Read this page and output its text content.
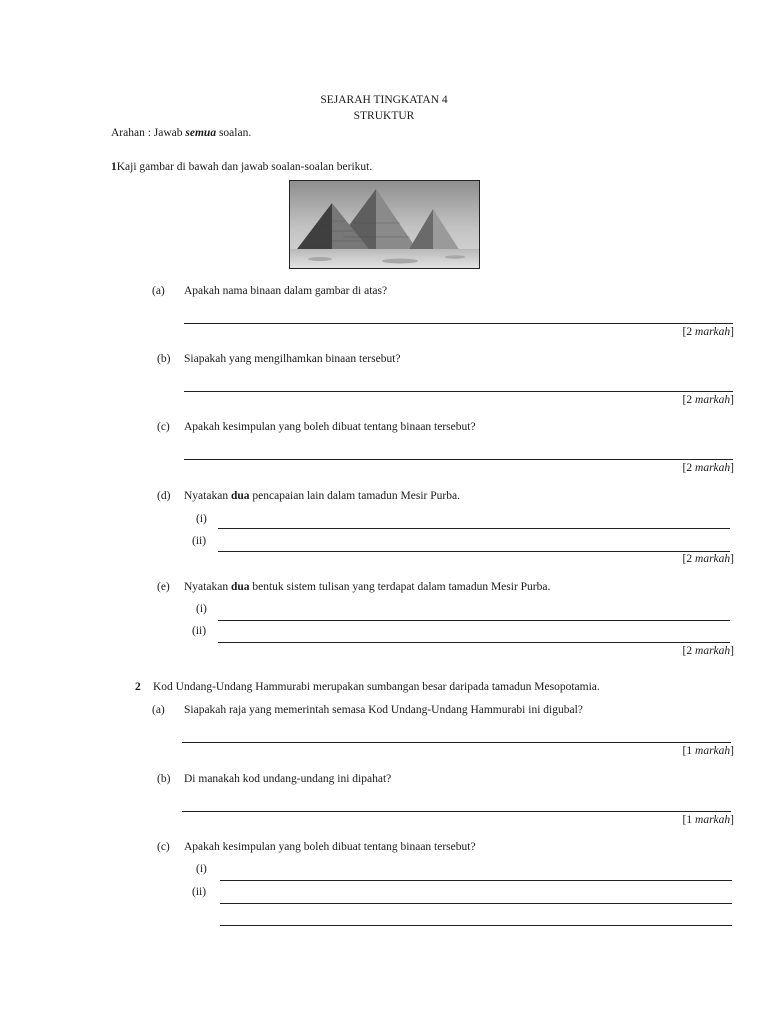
SEJARAH TINGKATAN 4
STRUKTUR
Arahan : Jawab semua soalan.
1Kaji gambar di bawah dan jawab soalan-soalan berikut.
(a) Apakah nama binaan dalam gambar di atas?
[2 markah]
(b) Siapakah yang mengilhamkan binaan tersebut?
[2 markah]
(c) Apakah kesimpulan yang boleh dibuat tentang binaan tersebut?
[2 markah]
(d) Nyatakan dua pencapaian lain dalam tamadun Mesir Purba.
(i)
(ii)
[2 markah]
(e) Nyatakan dua bentuk sistem tulisan yang terdapat dalam tamadun Mesir Purba.
(i)
(ii)
[2 markah]
2 Kod Undang-Undang Hammurabi merupakan sumbangan besar daripada tamadun Mesopotamia.
(a) Siapakah raja yang memerintah semasa Kod Undang-Undang Hammurabi ini digubal?
[1 markah]
(b) Di manakah kod undang-undang ini dipahat?
[1 markah]
(c) Apakah kesimpulan yang boleh dibuat tentang binaan tersebut?
(i)
(ii)
